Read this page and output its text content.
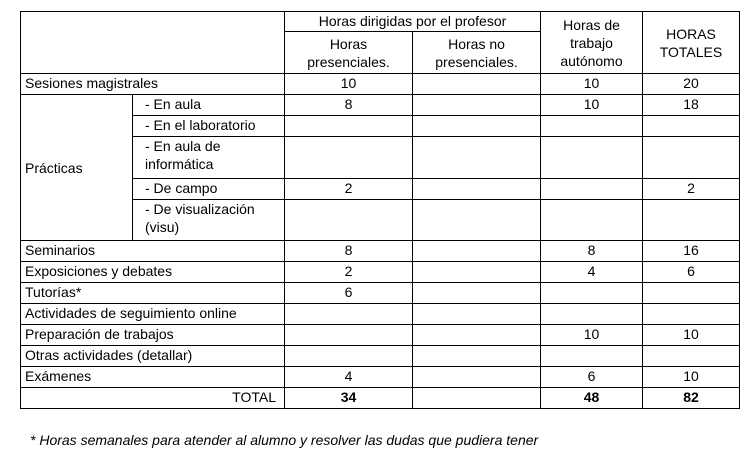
		Horas dirigidas por el profesor		Horas de trabajo autónomo	HORAS TOTALES
		Horas presenciales.	Horas no presenciales.		
Sesiones magistrales		10		10	20
Prácticas	- En aula	8		10	18
	- En el laboratorio				
	- En aula de informática				
	- De campo	2			2
	- De visualización (visu)				
Seminarios		8		8	16
Exposiciones y debates		2		4	6
Tutorías*		6			
Actividades de seguimiento online					
Preparación de trabajos				10	10
Otras actividades (detallar)					
Exámenes		4		6	10
TOTAL		34		48	82
* Horas semanales para atender al alumno y resolver las dudas que pudiera tener
